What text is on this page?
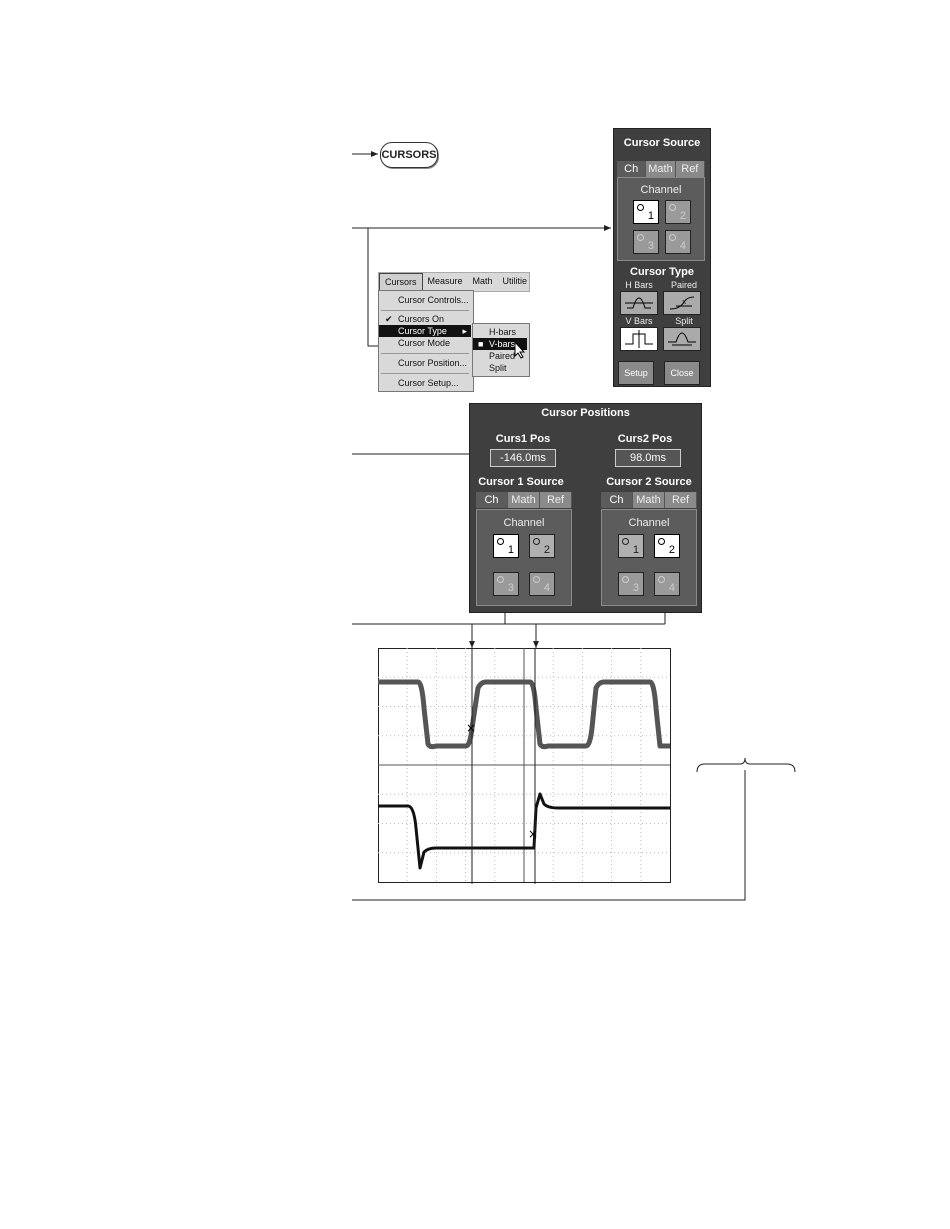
CURSORS
Cursors	Measure	Math	Utilitie
Cursor Controls...
✔ Cursors On
Cursor Type ▸
Cursor Mode
Cursor Position...
Cursor Setup...
H-bars
■ V-bars
Paired
Split
Cursor Source
Ch Math Ref
Channel
1 2
3 4
Cursor Type
H Bars	Paired
x
V Bars	Split
Setup	Close
Cursor Positions
Curs1 Pos
-146.0ms
Curs2 Pos
98.0ms
Cursor 1 Source
Ch	Math	Ref
Channel
1	2
3	4
Cursor 2 Source
Ch	Math	Ref
Channel
1	2
3	4
×
×
